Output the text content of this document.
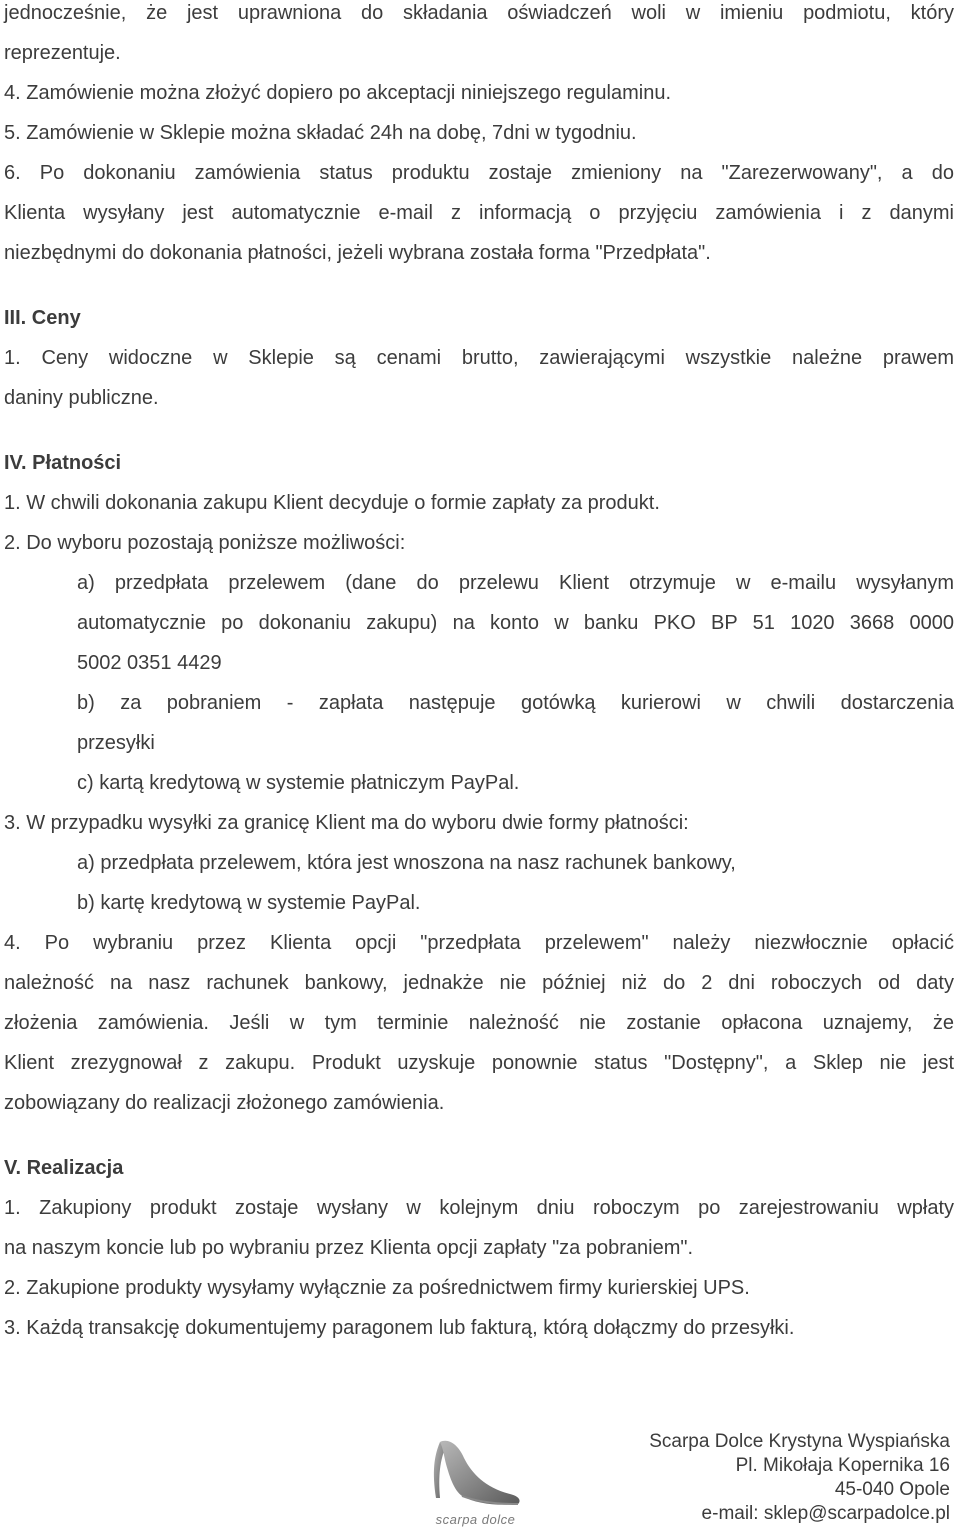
jednocześnie, że jest uprawniona do składania oświadczeń woli w imieniu podmiotu, który
reprezentuje.
4. Zamówienie można złożyć dopiero po akceptacji niniejszego regulaminu.
5. Zamówienie w Sklepie można składać 24h na dobę, 7dni w tygodniu.
6. Po dokonaniu zamówienia status produktu zostaje zmieniony na "Zarezerwowany", a do
Klienta wysyłany jest automatycznie e-mail z informacją o przyjęciu zamówienia i z danymi
niezbędnymi do dokonania płatności, jeżeli wybrana została forma "Przedpłata".
III. Ceny
1. Ceny widoczne w Sklepie są cenami brutto, zawierającymi wszystkie należne prawem
daniny publiczne.
IV. Płatności
1. W chwili dokonania zakupu Klient decyduje o formie zapłaty za produkt.
2. Do wyboru pozostają poniższe możliwości:
a) przedpłata przelewem (dane do przelewu Klient otrzymuje w e-mailu wysyłanym
automatycznie po dokonaniu zakupu) na konto w banku PKO BP 51 1020 3668 0000
5002 0351 4429
b) za pobraniem - zapłata następuje gotówką kurierowi w chwili dostarczenia
przesyłki
c) kartą kredytową w systemie płatniczym PayPal.
3. W przypadku wysyłki za granicę Klient ma do wyboru dwie formy płatności:
a) przedpłata przelewem, która jest wnoszona na nasz rachunek bankowy,
b) kartę kredytową w systemie PayPal.
4. Po wybraniu przez Klienta opcji "przedpłata przelewem" należy niezwłocznie opłacić
należność na nasz rachunek bankowy, jednakże nie później niż do 2 dni roboczych od daty
złożenia zamówienia. Jeśli w tym terminie należność nie zostanie opłacona uznajemy, że
Klient zrezygnował z zakupu. Produkt uzyskuje ponownie status "Dostępny", a Sklep nie jest
zobowiązany do realizacji złożonego zamówienia.
V. Realizacja
1. Zakupiony produkt zostaje wysłany w kolejnym dniu roboczym po zarejestrowaniu wpłaty
na naszym koncie lub po wybraniu przez Klienta opcji zapłaty "za pobraniem".
2. Zakupione produkty wysyłamy wyłącznie za pośrednictwem firmy kurierskiej UPS.
3. Każdą transakcję dokumentujemy paragonem lub fakturą, którą dołączmy do przesyłki.
scarpa dolce
Scarpa Dolce Krystyna Wyspiańska
Pl. Mikołaja Kopernika 16
45-040 Opole
e-mail: sklep@scarpadolce.pl
